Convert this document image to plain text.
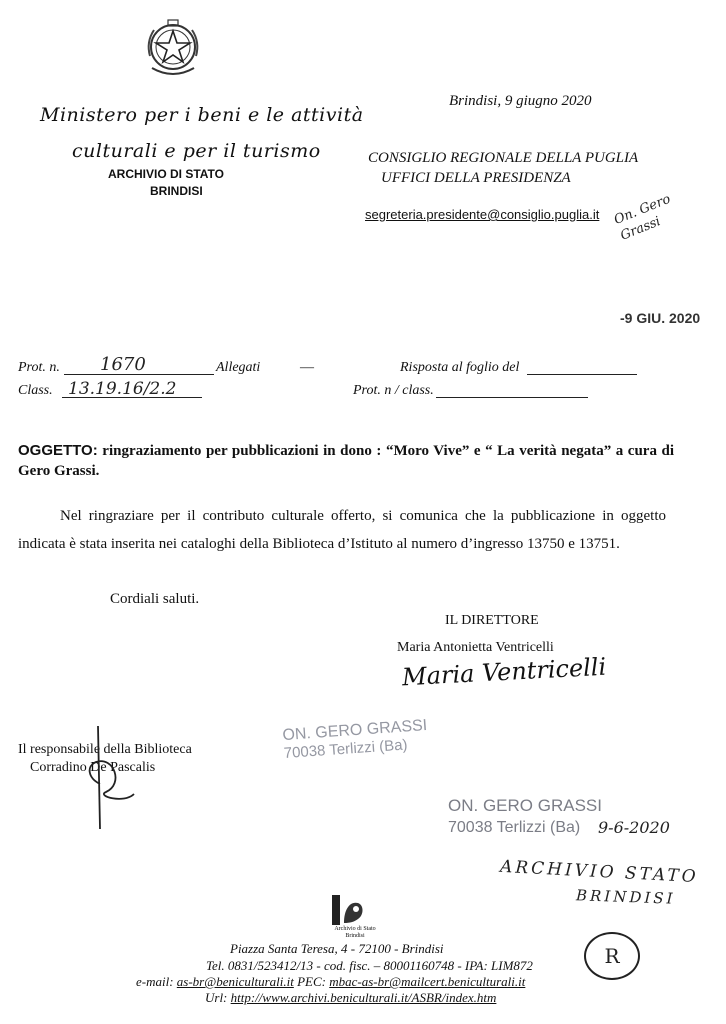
Ministero per i beni e le attività
culturali e per il turismo
ARCHIVIO DI STATO
BRINDISI
Brindisi, 9 giugno 2020
CONSIGLIO REGIONALE DELLA PUGLIA
UFFICI DELLA PRESIDENZA
segreteria.presidente@consiglio.puglia.it On. Gero Grassi
-9 GIU. 2020
Prot. n. 1670	Allegati	—	Risposta al foglio del
Class. 13.19.16/2.2	Prot. n / class.
OGGETTO: ringraziamento per pubblicazioni in dono : “Moro Vive” e “ La verità negata” a cura di Gero Grassi.
Nel ringraziare per il contributo culturale offerto, si comunica che la pubblicazione in oggetto indicata è stata inserita nei cataloghi della Biblioteca d’Istituto al numero d’ingresso 13750 e 13751.
Cordiali saluti.
IL DIRETTORE
Maria Antonietta Ventricelli
Maria Ventricelli
Il responsabile della Biblioteca
Corradino De Pascalis
ON. GERO GRASSI
70038 Terlizzi (Ba)
ON. GERO GRASSI
70038 Terlizzi (Ba)	9-6-2020
ARCHIVIO STATO
BRINDISI
R
Archivio di Stato
Brindisi
Piazza Santa Teresa, 4 - 72100 - Brindisi
Tel. 0831/523412/13 - cod. fisc. – 80001160748 - IPA: LIM872
e-mail: as-br@beniculturali.it PEC: mbac-as-br@mailcert.beniculturali.it
Url: http://www.archivi.beniculturali.it/ASBR/index.htm
